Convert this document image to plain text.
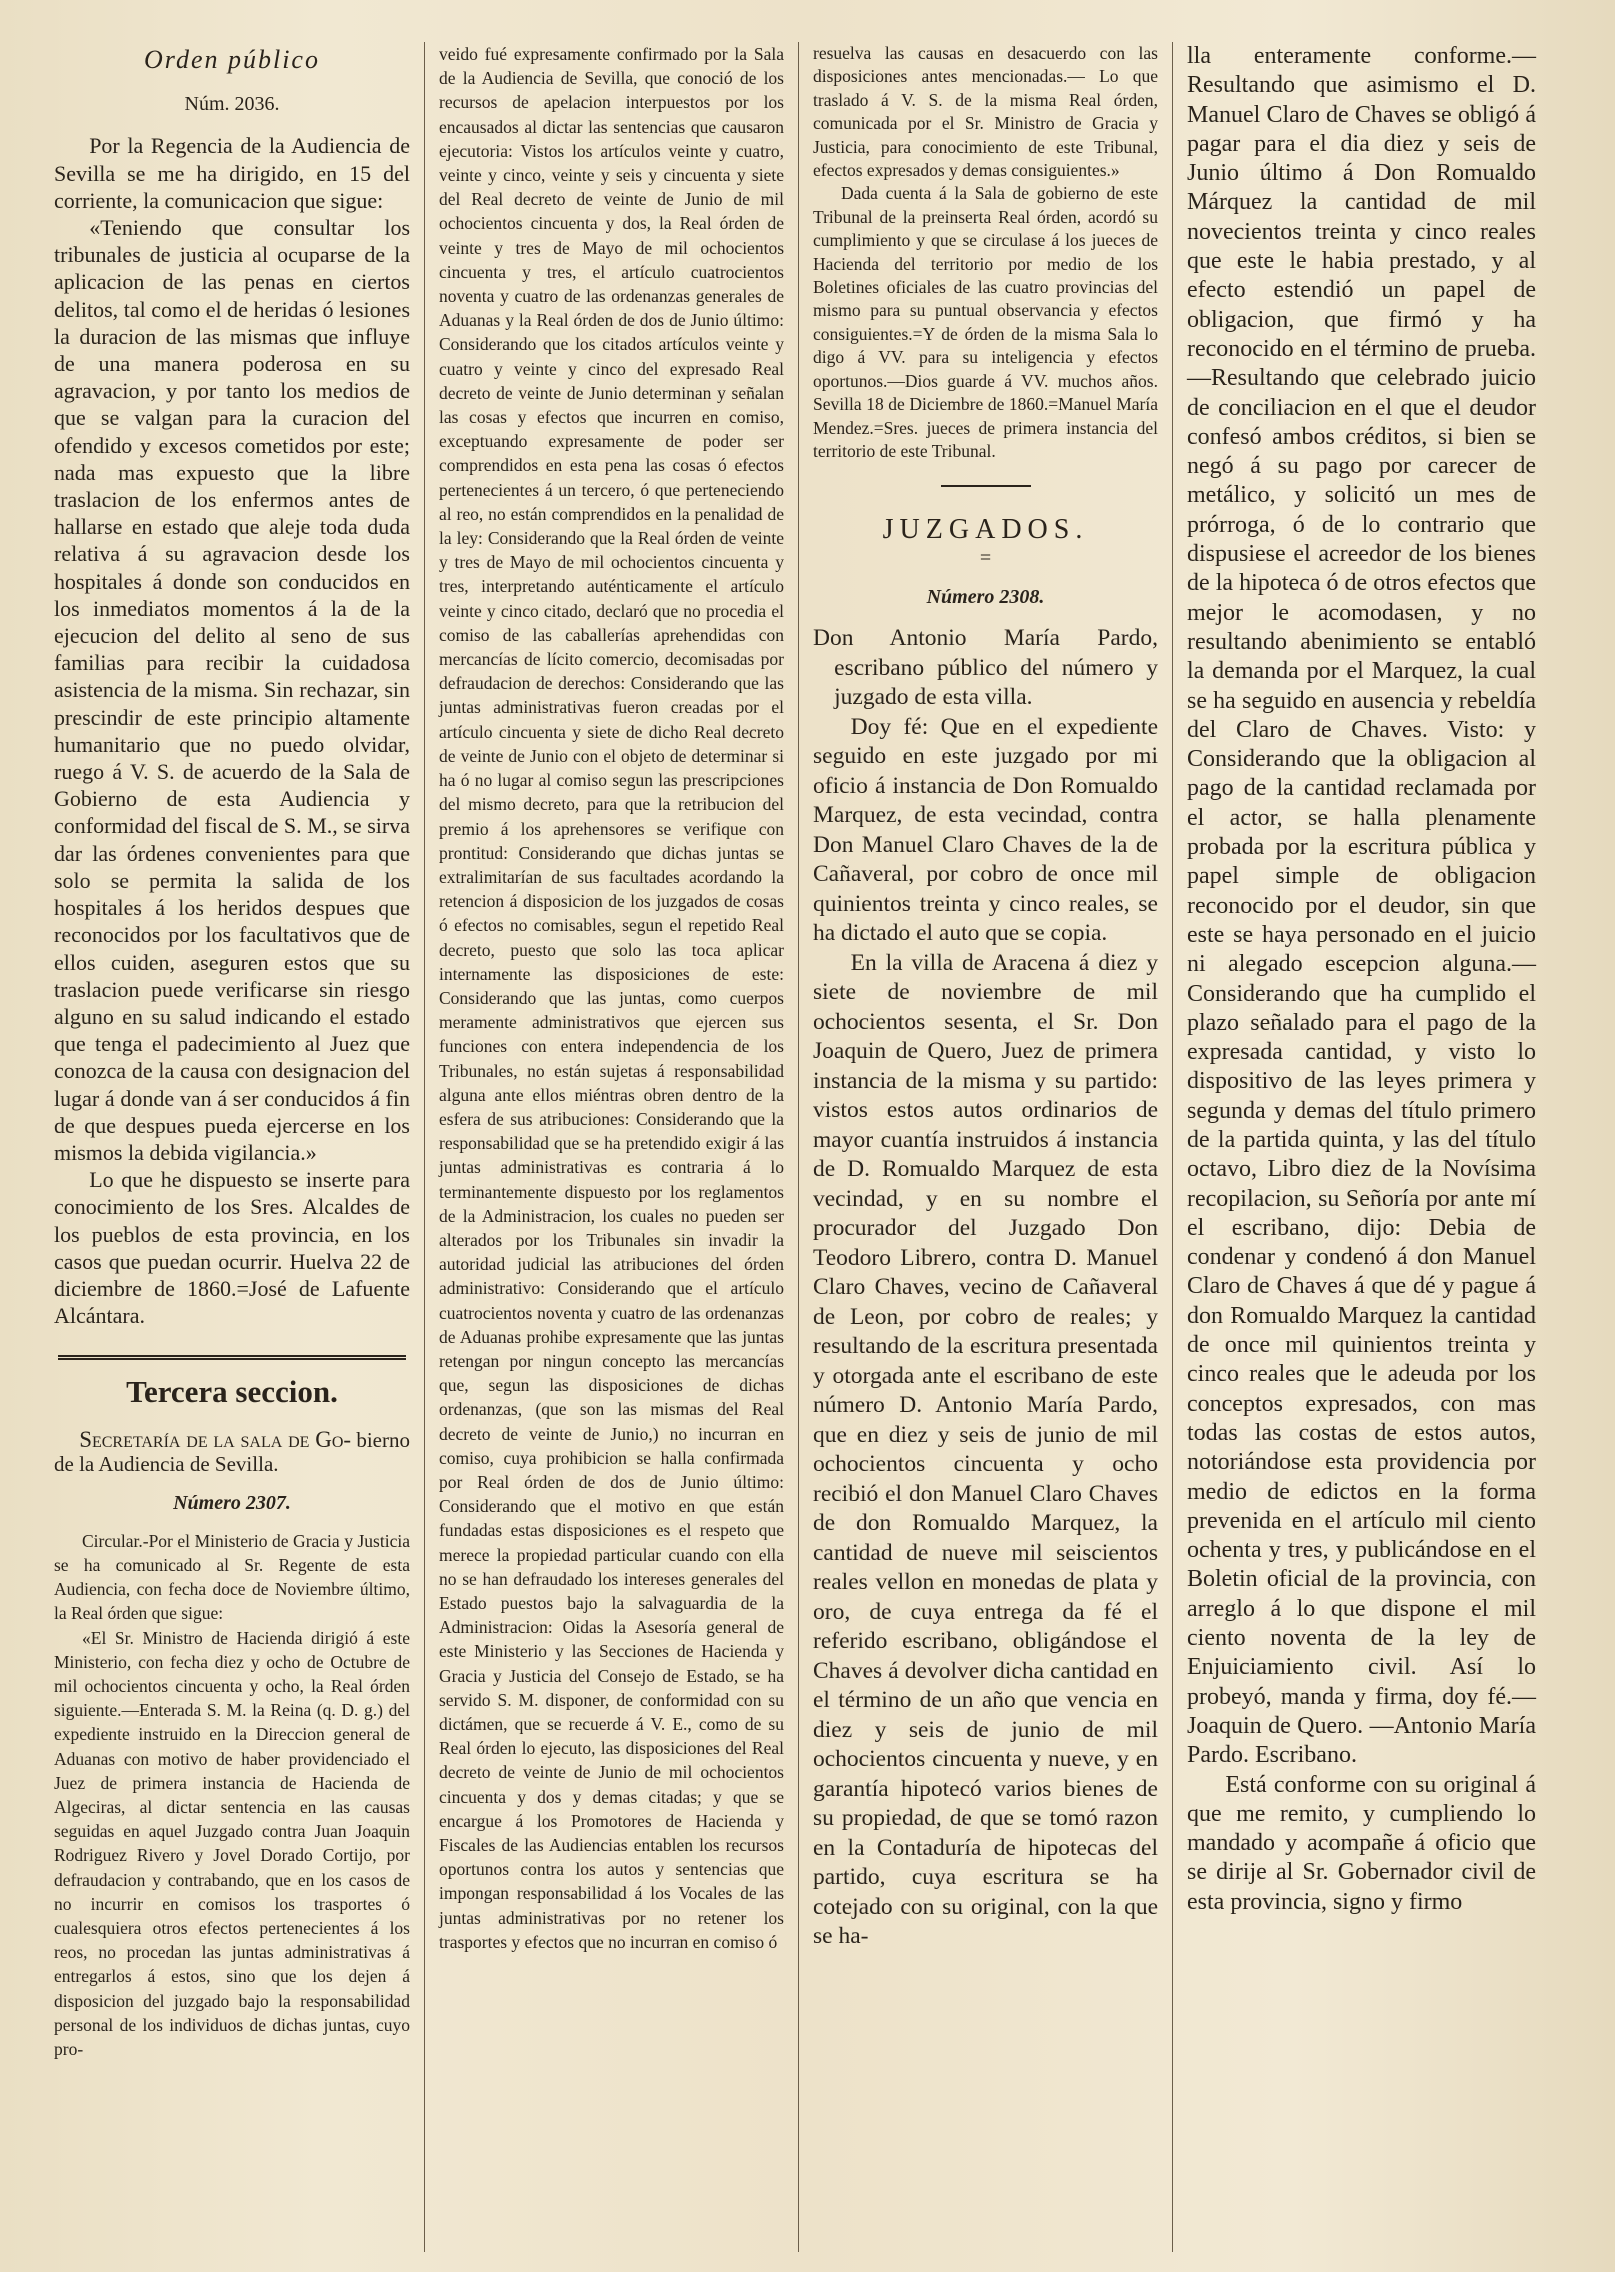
Orden público
Núm. 2036.

Por la Regencia de la Audiencia de Sevilla se me ha dirigido, en 15 del corriente, la comunicacion que sigue:

«Teniendo que consultar los tribunales de justicia al ocuparse de la aplicacion de las penas en ciertos delitos, tal como el de heridas ó lesiones la duracion de las mismas que influye de una manera poderosa en su agravacion, y por tanto los medios de que se valgan para la curacion del ofendido y excesos cometidos por este; nada mas expuesto que la libre traslacion de los enfermos antes de hallarse en estado que aleje toda duda relativa á su agravacion desde los hospitales á donde son conducidos en los inmediatos momentos á la de la ejecucion del delito al seno de sus familias para recibir la cuidadosa asistencia de la misma. Sin rechazar, sin prescindir de este principio altamente humanitario que no puedo olvidar, ruego á V. S. de acuerdo de la Sala de Gobierno de esta Audiencia y conformidad del fiscal de S. M., se sirva dar las órdenes convenientes para que solo se permita la salida de los hospitales á los heridos despues que reconocidos por los facultativos que de ellos cuiden, aseguren estos que su traslacion puede verificarse sin riesgo alguno en su salud indicando el estado que tenga el padecimiento al Juez que conozca de la causa con designacion del lugar á donde van á ser conducidos á fin de que despues pueda ejercerse en los mismos la debida vigilancia.»

Lo que he dispuesto se inserte para conocimiento de los Sres. Alcaldes de los pueblos de esta provincia, en los casos que puedan ocurrir. Huelva 22 de diciembre de 1860.=José de Lafuente Alcántara.

Tercera seccion.
Secretaría de la sala de Go- bierno de la Audiencia de Sevilla.
Número 2307.

Circular.-Por el Ministerio de Gracia y Justicia se ha comunicado al Sr. Regente de esta Audiencia, con fecha doce de Noviembre último, la Real órden que sigue:

«El Sr. Ministro de Hacienda dirigió á este Ministerio, con fecha diez y ocho de Octubre de mil ochocientos cincuenta y ocho, la Real órden siguiente.—Enterada S. M. la Reina (q. D. g.) del expediente instruido en la Direccion general de Aduanas con motivo de haber providenciado el Juez de primera instancia de Hacienda de Algeciras, al dictar sentencia en las causas seguidas en aquel Juzgado contra Juan Joaquin Rodriguez Rivero y Jovel Dorado Cortijo, por defraudacion y contrabando, que en los casos de no incurrir en comisos los trasportes ó cualesquiera otros efectos pertenecientes á los reos, no procedan las juntas administrativas á entregarlos á estos, sino que los dejen á disposicion del juzgado bajo la responsabilidad personal de los individuos de dichas juntas, cuyo pro-

veido fué expresamente confirmado por la Sala de la Audiencia de Sevilla, que conoció de los recursos de apelacion interpuestos por los encausados al dictar las sentencias que causaron ejecutoria: Vistos los artículos veinte y cuatro, veinte y cinco, veinte y seis y cincuenta y siete del Real decreto de veinte de Junio de mil ochocientos cincuenta y dos, la Real órden de veinte y tres de Mayo de mil ochocientos cincuenta y tres, el artículo cuatrocientos noventa y cuatro de las ordenanzas generales de Aduanas y la Real órden de dos de Junio último: Considerando que los citados artículos veinte y cuatro y veinte y cinco del expresado Real decreto de veinte de Junio determinan y señalan las cosas y efectos que incurren en comiso, exceptuando expresamente de poder ser comprendidos en esta pena las cosas ó efectos pertenecientes á un tercero, ó que perteneciendo al reo, no están comprendidos en la penalidad de la ley: Considerando que la Real órden de veinte y tres de Mayo de mil ochocientos cincuenta y tres, interpretando auténticamente el artículo veinte y cinco citado, declaró que no procedia el comiso de las caballerías aprehendidas con mercancías de lícito comercio, decomisadas por defraudacion de derechos: Considerando que las juntas administrativas fueron creadas por el artículo cincuenta y siete de dicho Real decreto de veinte de Junio con el objeto de determinar si ha ó no lugar al comiso segun las prescripciones del mismo decreto, para que la retribucion del premio á los aprehensores se verifique con prontitud: Considerando que dichas juntas se extralimitarían de sus facultades acordando la retencion á disposicion de los juzgados de cosas ó efectos no comisables, segun el repetido Real decreto, puesto que solo las toca aplicar internamente las disposiciones de este: Considerando que las juntas, como cuerpos meramente administrativos que ejercen sus funciones con entera independencia de los Tribunales, no están sujetas á responsabilidad alguna ante ellos miéntras obren dentro de la esfera de sus atribuciones: Considerando que la responsabilidad que se ha pretendido exigir á las juntas administrativas es contraria á lo terminantemente dispuesto por los reglamentos de la Administracion, los cuales no pueden ser alterados por los Tribunales sin invadir la autoridad judicial las atribuciones del órden administrativo: Considerando que el artículo cuatrocientos noventa y cuatro de las ordenanzas de Aduanas prohibe expresamente que las juntas retengan por ningun concepto las mercancías que, segun las disposiciones de dichas ordenanzas, (que son las mismas del Real decreto de veinte de Junio,) no incurran en comiso, cuya prohibicion se halla confirmada por Real órden de dos de Junio último: Considerando que el motivo en que están fundadas estas disposiciones es el respeto que merece la propiedad particular cuando con ella no se han defraudado los intereses generales del Estado puestos bajo la salvaguardia de la Administracion: Oidas la Asesoría general de este Ministerio y las Secciones de Hacienda y Gracia y Justicia del Consejo de Estado, se ha servido S. M. disponer, de conformidad con su dictámen, que se recuerde á V. E., como de su Real órden lo ejecuto, las disposiciones del Real decreto de veinte de Junio de mil ochocientos cincuenta y dos y demas citadas; y que se encargue á los Promotores de Hacienda y Fiscales de las Audiencias entablen los recursos oportunos contra los autos y sentencias que impongan responsabilidad á los Vocales de las juntas administrativas por no retener los trasportes y efectos que no incurran en comiso ó

resuelva las causas en desacuerdo con las disposiciones antes mencionadas.— Lo que traslado á V. S. de la misma Real órden, comunicada por el Sr. Ministro de Gracia y Justicia, para conocimiento de este Tribunal, efectos expresados y demas consiguientes.»

Dada cuenta á la Sala de gobierno de este Tribunal de la preinserta Real órden, acordó su cumplimiento y que se circulase á los jueces de Hacienda del territorio por medio de los Boletines oficiales de las cuatro provincias del mismo para su puntual observancia y efectos consiguientes.=Y de órden de la misma Sala lo digo á VV. para su inteligencia y efectos oportunos.—Dios guarde á VV. muchos años. Sevilla 18 de Diciembre de 1860.=Manuel María Mendez.=Sres. jueces de primera instancia del territorio de este Tribunal.

JUZGADOS.
=
Número 2308.

Don Antonio María Pardo, escribano público del número y juzgado de esta villa.

Doy fé: Que en el expediente seguido en este juzgado por mi oficio á instancia de Don Romualdo Marquez, de esta vecindad, contra Don Manuel Claro Chaves de la de Cañaveral, por cobro de once mil quinientos treinta y cinco reales, se ha dictado el auto que se copia.

En la villa de Aracena á diez y siete de noviembre de mil ochocientos sesenta, el Sr. Don Joaquin de Quero, Juez de primera instancia de la misma y su partido: vistos estos autos ordinarios de mayor cuantía instruidos á instancia de D. Romualdo Marquez de esta vecindad, y en su nombre el procurador del Juzgado Don Teodoro Librero, contra D. Manuel Claro Chaves, vecino de Cañaveral de Leon, por cobro de reales; y resultando de la escritura presentada y otorgada ante el escribano de este número D. Antonio María Pardo, que en diez y seis de junio de mil ochocientos cincuenta y ocho recibió el don Manuel Claro Chaves de don Romualdo Marquez, la cantidad de nueve mil seiscientos reales vellon en monedas de plata y oro, de cuya entrega da fé el referido escribano, obligándose el Chaves á devolver dicha cantidad en el término de un año que vencia en diez y seis de junio de mil ochocientos cincuenta y nueve, y en garantía hipotecó varios bienes de su propiedad, de que se tomó razon en la Contaduría de hipotecas del partido, cuya escritura se ha cotejado con su original, con la que se ha-

lla enteramente conforme.— Resultando que asimismo el D. Manuel Claro de Chaves se obligó á pagar para el dia diez y seis de Junio último á Don Romualdo Márquez la cantidad de mil novecientos treinta y cinco reales que este le habia prestado, y al efecto estendió un papel de obligacion, que firmó y ha reconocido en el término de prueba.—Resultando que celebrado juicio de conciliacion en el que el deudor confesó ambos créditos, si bien se negó á su pago por carecer de metálico, y solicitó un mes de prórroga, ó de lo contrario que dispusiese el acreedor de los bienes de la hipoteca ó de otros efectos que mejor le acomodasen, y no resultando abenimiento se entabló la demanda por el Marquez, la cual se ha seguido en ausencia y rebeldía del Claro de Chaves. Visto: y Considerando que la obligacion al pago de la cantidad reclamada por el actor, se halla plenamente probada por la escritura pública y papel simple de obligacion reconocido por el deudor, sin que este se haya personado en el juicio ni alegado escepcion alguna.—Considerando que ha cumplido el plazo señalado para el pago de la expresada cantidad, y visto lo dispositivo de las leyes primera y segunda y demas del título primero de la partida quinta, y las del título octavo, Libro diez de la Novísima recopilacion, su Señoría por ante mí el escribano, dijo: Debia de condenar y condenó á don Manuel Claro de Chaves á que dé y pague á don Romualdo Marquez la cantidad de once mil quinientos treinta y cinco reales que le adeuda por los conceptos expresados, con mas todas las costas de estos autos, notoriándose esta providencia por medio de edictos en la forma prevenida en el artículo mil ciento ochenta y tres, y publicándose en el Boletin oficial de la provincia, con arreglo á lo que dispone el mil ciento noventa de la ley de Enjuiciamiento civil. Así lo probeyó, manda y firma, doy fé.—Joaquin de Quero. —Antonio María Pardo. Escribano.

Está conforme con su original á que me remito, y cumpliendo lo mandado y acompañe á oficio que se dirije al Sr. Gobernador civil de esta provincia, signo y firmo
